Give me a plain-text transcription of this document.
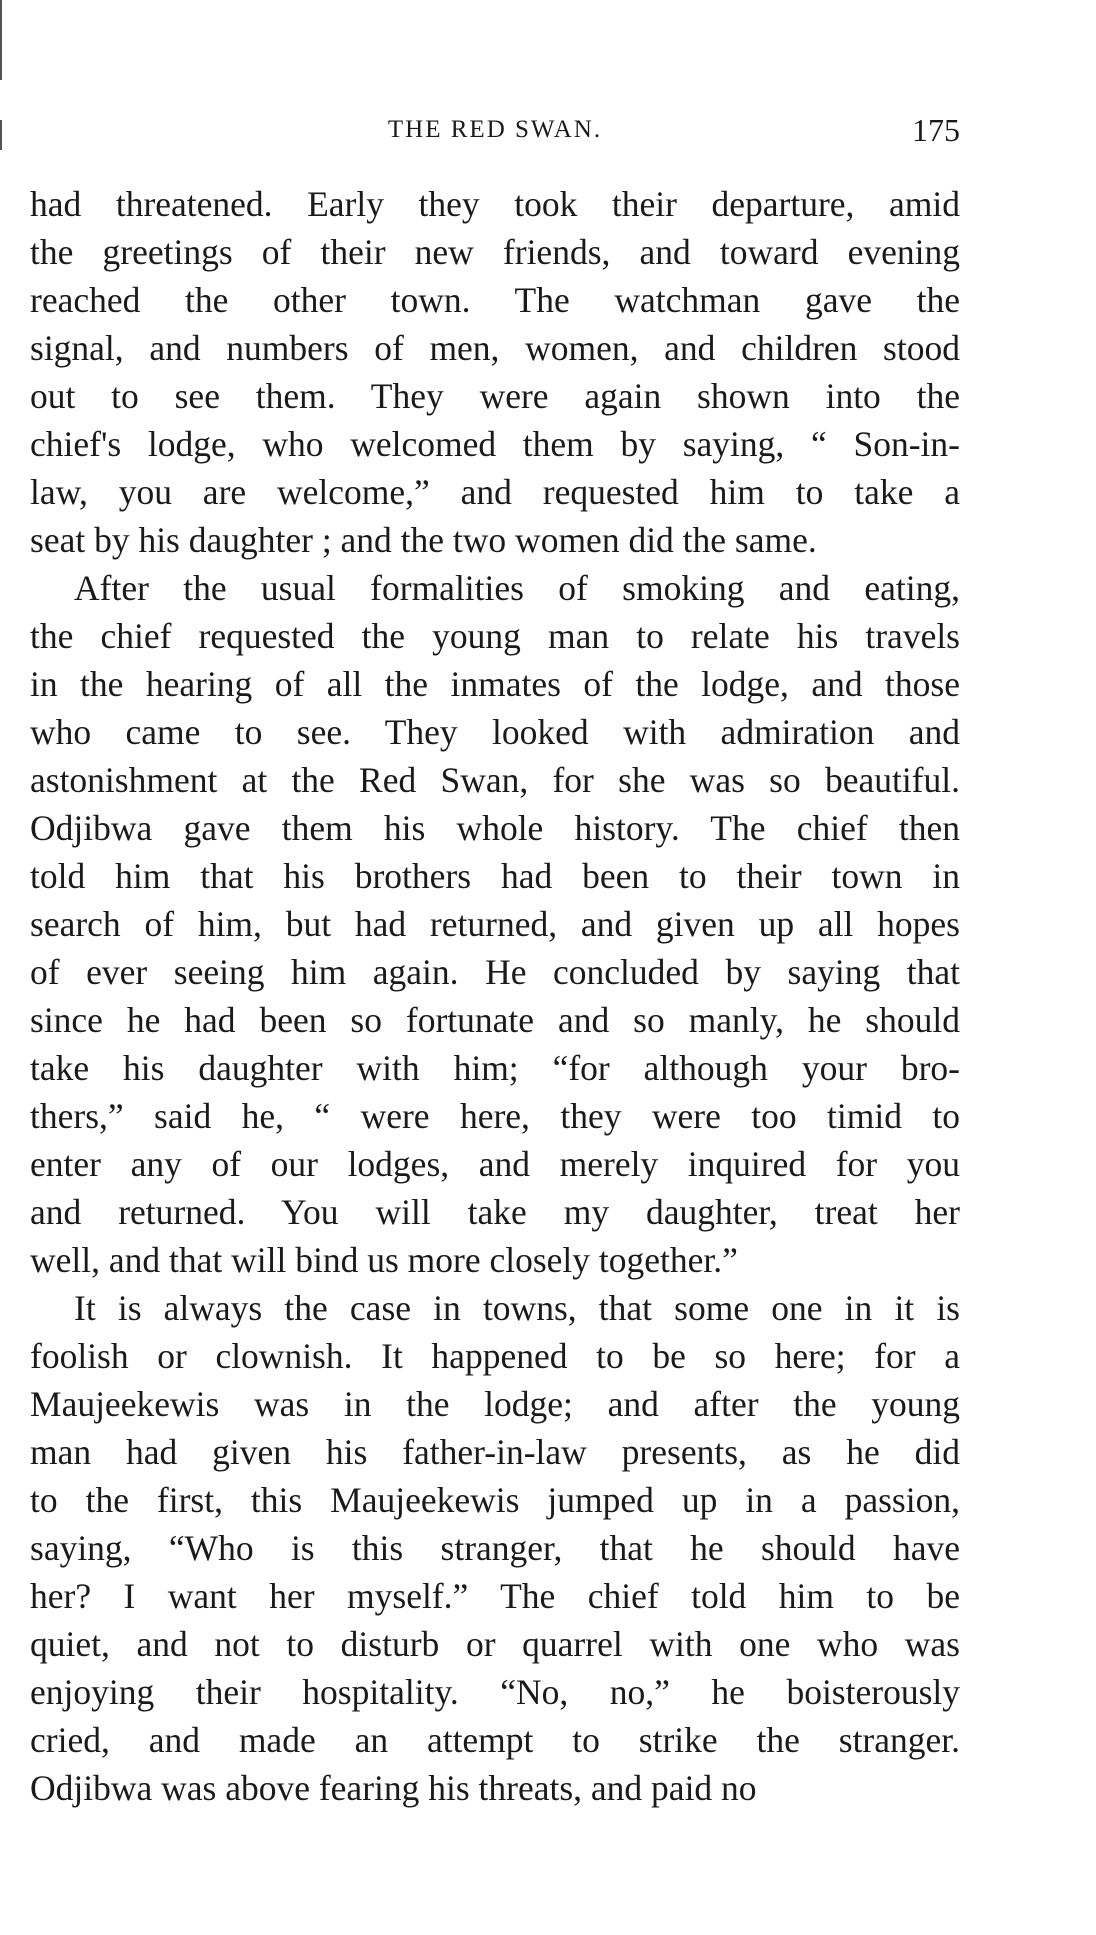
THE RED SWAN.	175

had threatened. Early they took their departure, amid
the greetings of their new friends, and toward evening
reached the other town. The watchman gave the
signal, and numbers of men, women, and children stood
out to see them. They were again shown into the
chief's lodge, who welcomed them by saying, “ Son-in-
law, you are welcome,” and requested him to take a
seat by his daughter ; and the two women did the same.

After the usual formalities of smoking and eating,
the chief requested the young man to relate his travels
in the hearing of all the inmates of the lodge, and those
who came to see. They looked with admiration and
astonishment at the Red Swan, for she was so beautiful.
Odjibwa gave them his whole history. The chief then
told him that his brothers had been to their town in
search of him, but had returned, and given up all hopes
of ever seeing him again. He concluded by saying that
since he had been so fortunate and so manly, he should
take his daughter with him; “for although your bro-
thers,” said he, “ were here, they were too timid to
enter any of our lodges, and merely inquired for you
and returned. You will take my daughter, treat her
well, and that will bind us more closely together.”

It is always the case in towns, that some one in it is
foolish or clownish. It happened to be so here; for a
Maujeekewis was in the lodge; and after the young
man had given his father-in-law presents, as he did
to the first, this Maujeekewis jumped up in a passion,
saying, “Who is this stranger, that he should have
her? I want her myself.” The chief told him to be
quiet, and not to disturb or quarrel with one who was
enjoying their hospitality. “No, no,” he boisterously
cried, and made an attempt to strike the stranger.
Odjibwa was above fearing his threats, and paid no
